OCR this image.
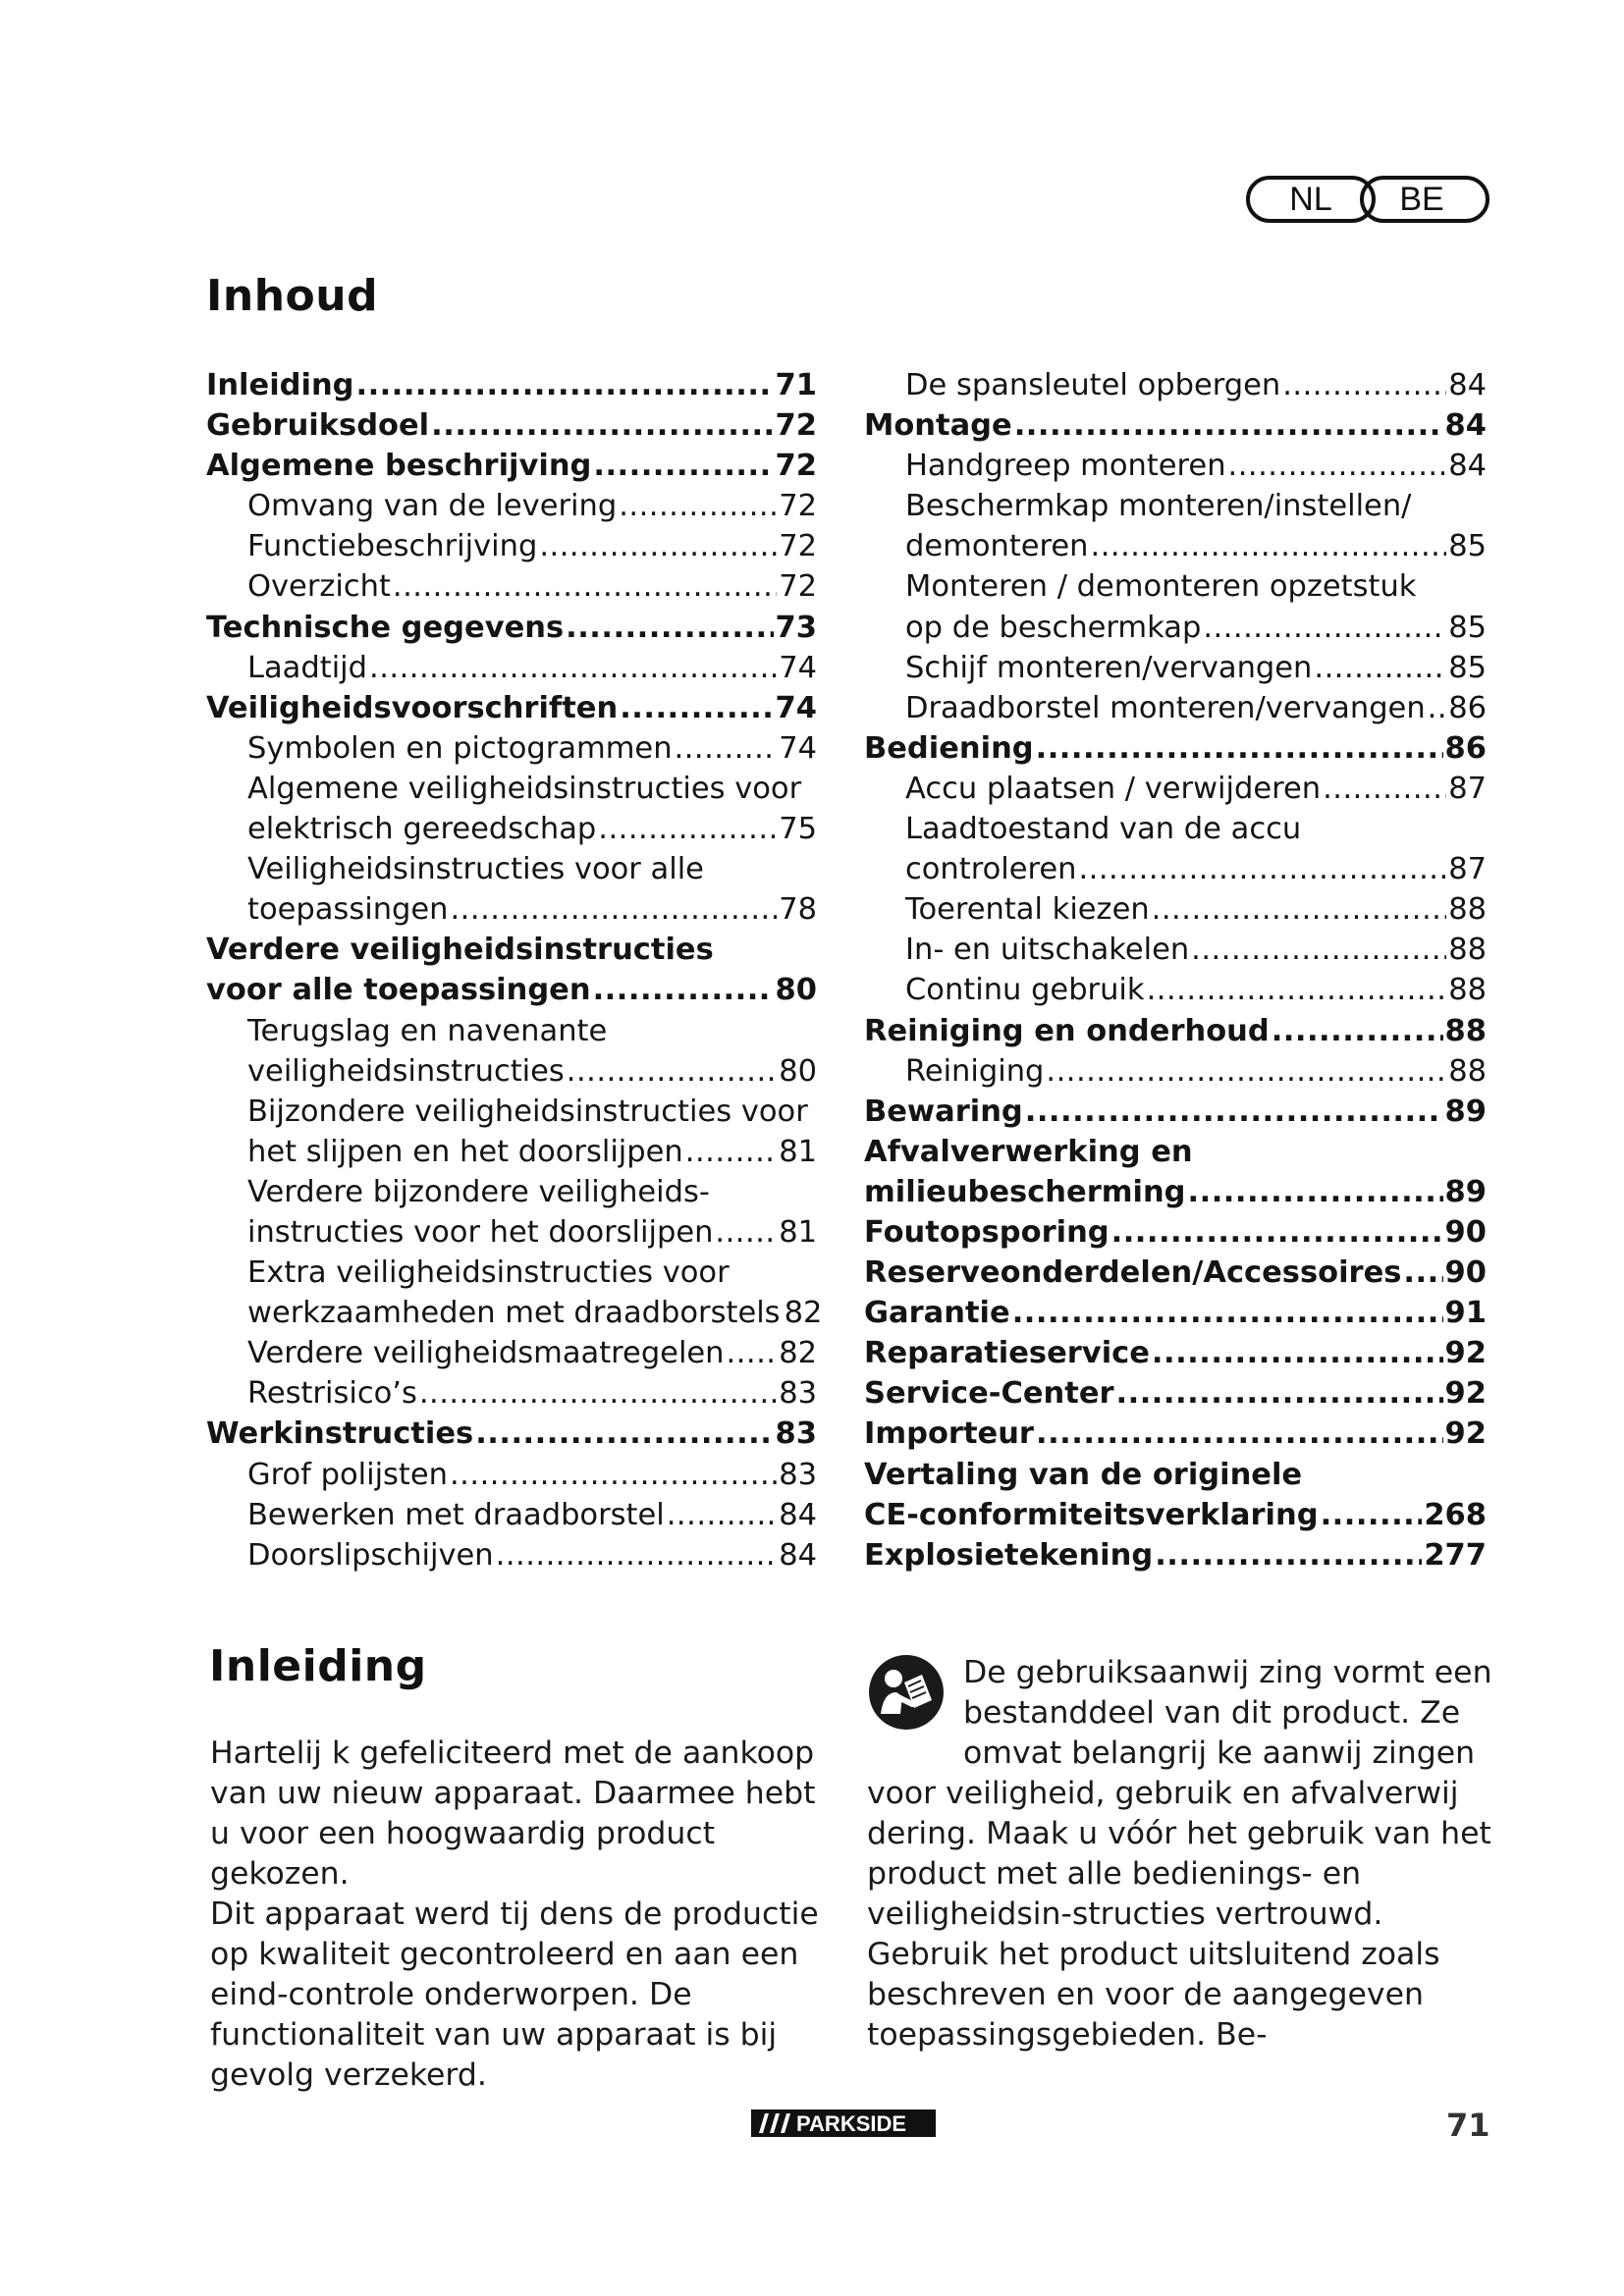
NL BE
Inhoud
Inleiding .....	71
Gebruiksdoel .....	72
Algemene beschrijving .....	72
Omvang van de levering .....	72
Functiebeschrijving .....	72
Overzicht .....	72
Technische gegevens .....	73
Laadtijd .....	74
Veiligheidsvoorschriften .....	74
Symbolen en pictogrammen .....	74
Algemene veiligheidsinstructies voor
elektrisch gereedschap .....	75
Veiligheidsinstructies voor alle
toepassingen .....	78
Verdere veiligheidsinstructies
voor alle toepassingen .....	80
Terugslag en navenante
veiligheidsinstructies .....	80
Bijzondere veiligheidsinstructies voor
het slijpen en het doorslijpen .....	81
Verdere bijzondere veiligheids-
instructies voor het doorslijpen ..... 81
Extra veiligheidsinstructies voor
werkzaamheden met draadborstels 82
Verdere veiligheidsmaatregelen ..... 82
Restrisico’s .....	83
Werkinstructies .....	83
Grof polijsten .....	83
Bewerken met draadborstel .....	84
Doorslipschijven .....	84
De spansleutel opbergen .....	84
Montage .....	84
Handgreep monteren .....	84
Beschermkap monteren/instellen/
demonteren .....	85
Monteren / demonteren opzetstuk
op de beschermkap .....	85
Schijf monteren/vervangen .....	85
Draadborstel monteren/vervangen ..... 86
Bediening .....	86
Accu plaatsen / verwijderen .....	87
Laadtoestand van de accu
controleren .....	87
Toerental kiezen .....	88
In- en uitschakelen .....	88
Continu gebruik .....	88
Reiniging en onderhoud .....	88
Reiniging .....	88
Bewaring .....	89
Afvalverwerking en
milieubescherming .....	89
Foutopsporing .....	90
Reserveonderdelen/Accessoires ..... 90
Garantie .....	91
Reparatieservice .....	92
Service-Center .....	92
Importeur .....	92
Vertaling van de originele
CE-conformiteitsverklaring .....	268
Explosietekening .....	277
Inleiding

Hartelij k gefeliciteerd met de aankoop van uw nieuw apparaat. Daarmee hebt u voor een hoogwaardig product gekozen.

Dit apparaat werd tij dens de productie op kwaliteit gecontroleerd en aan een eind-controle onderworpen. De functionaliteit van uw apparaat is bij gevolg verzekerd.

De gebruiksaanwij zing vormt een bestanddeel van dit product. Ze omvat belangrij ke aanwij zingen voor veiligheid, gebruik en afvalverwij dering. Maak u vóór het gebruik van het product met alle bedienings- en veiligheidsin-structies vertrouwd. Gebruik het product uitsluitend zoals beschreven en voor de aangegeven toepassingsgebieden. Be-

PARKSIDE	71
